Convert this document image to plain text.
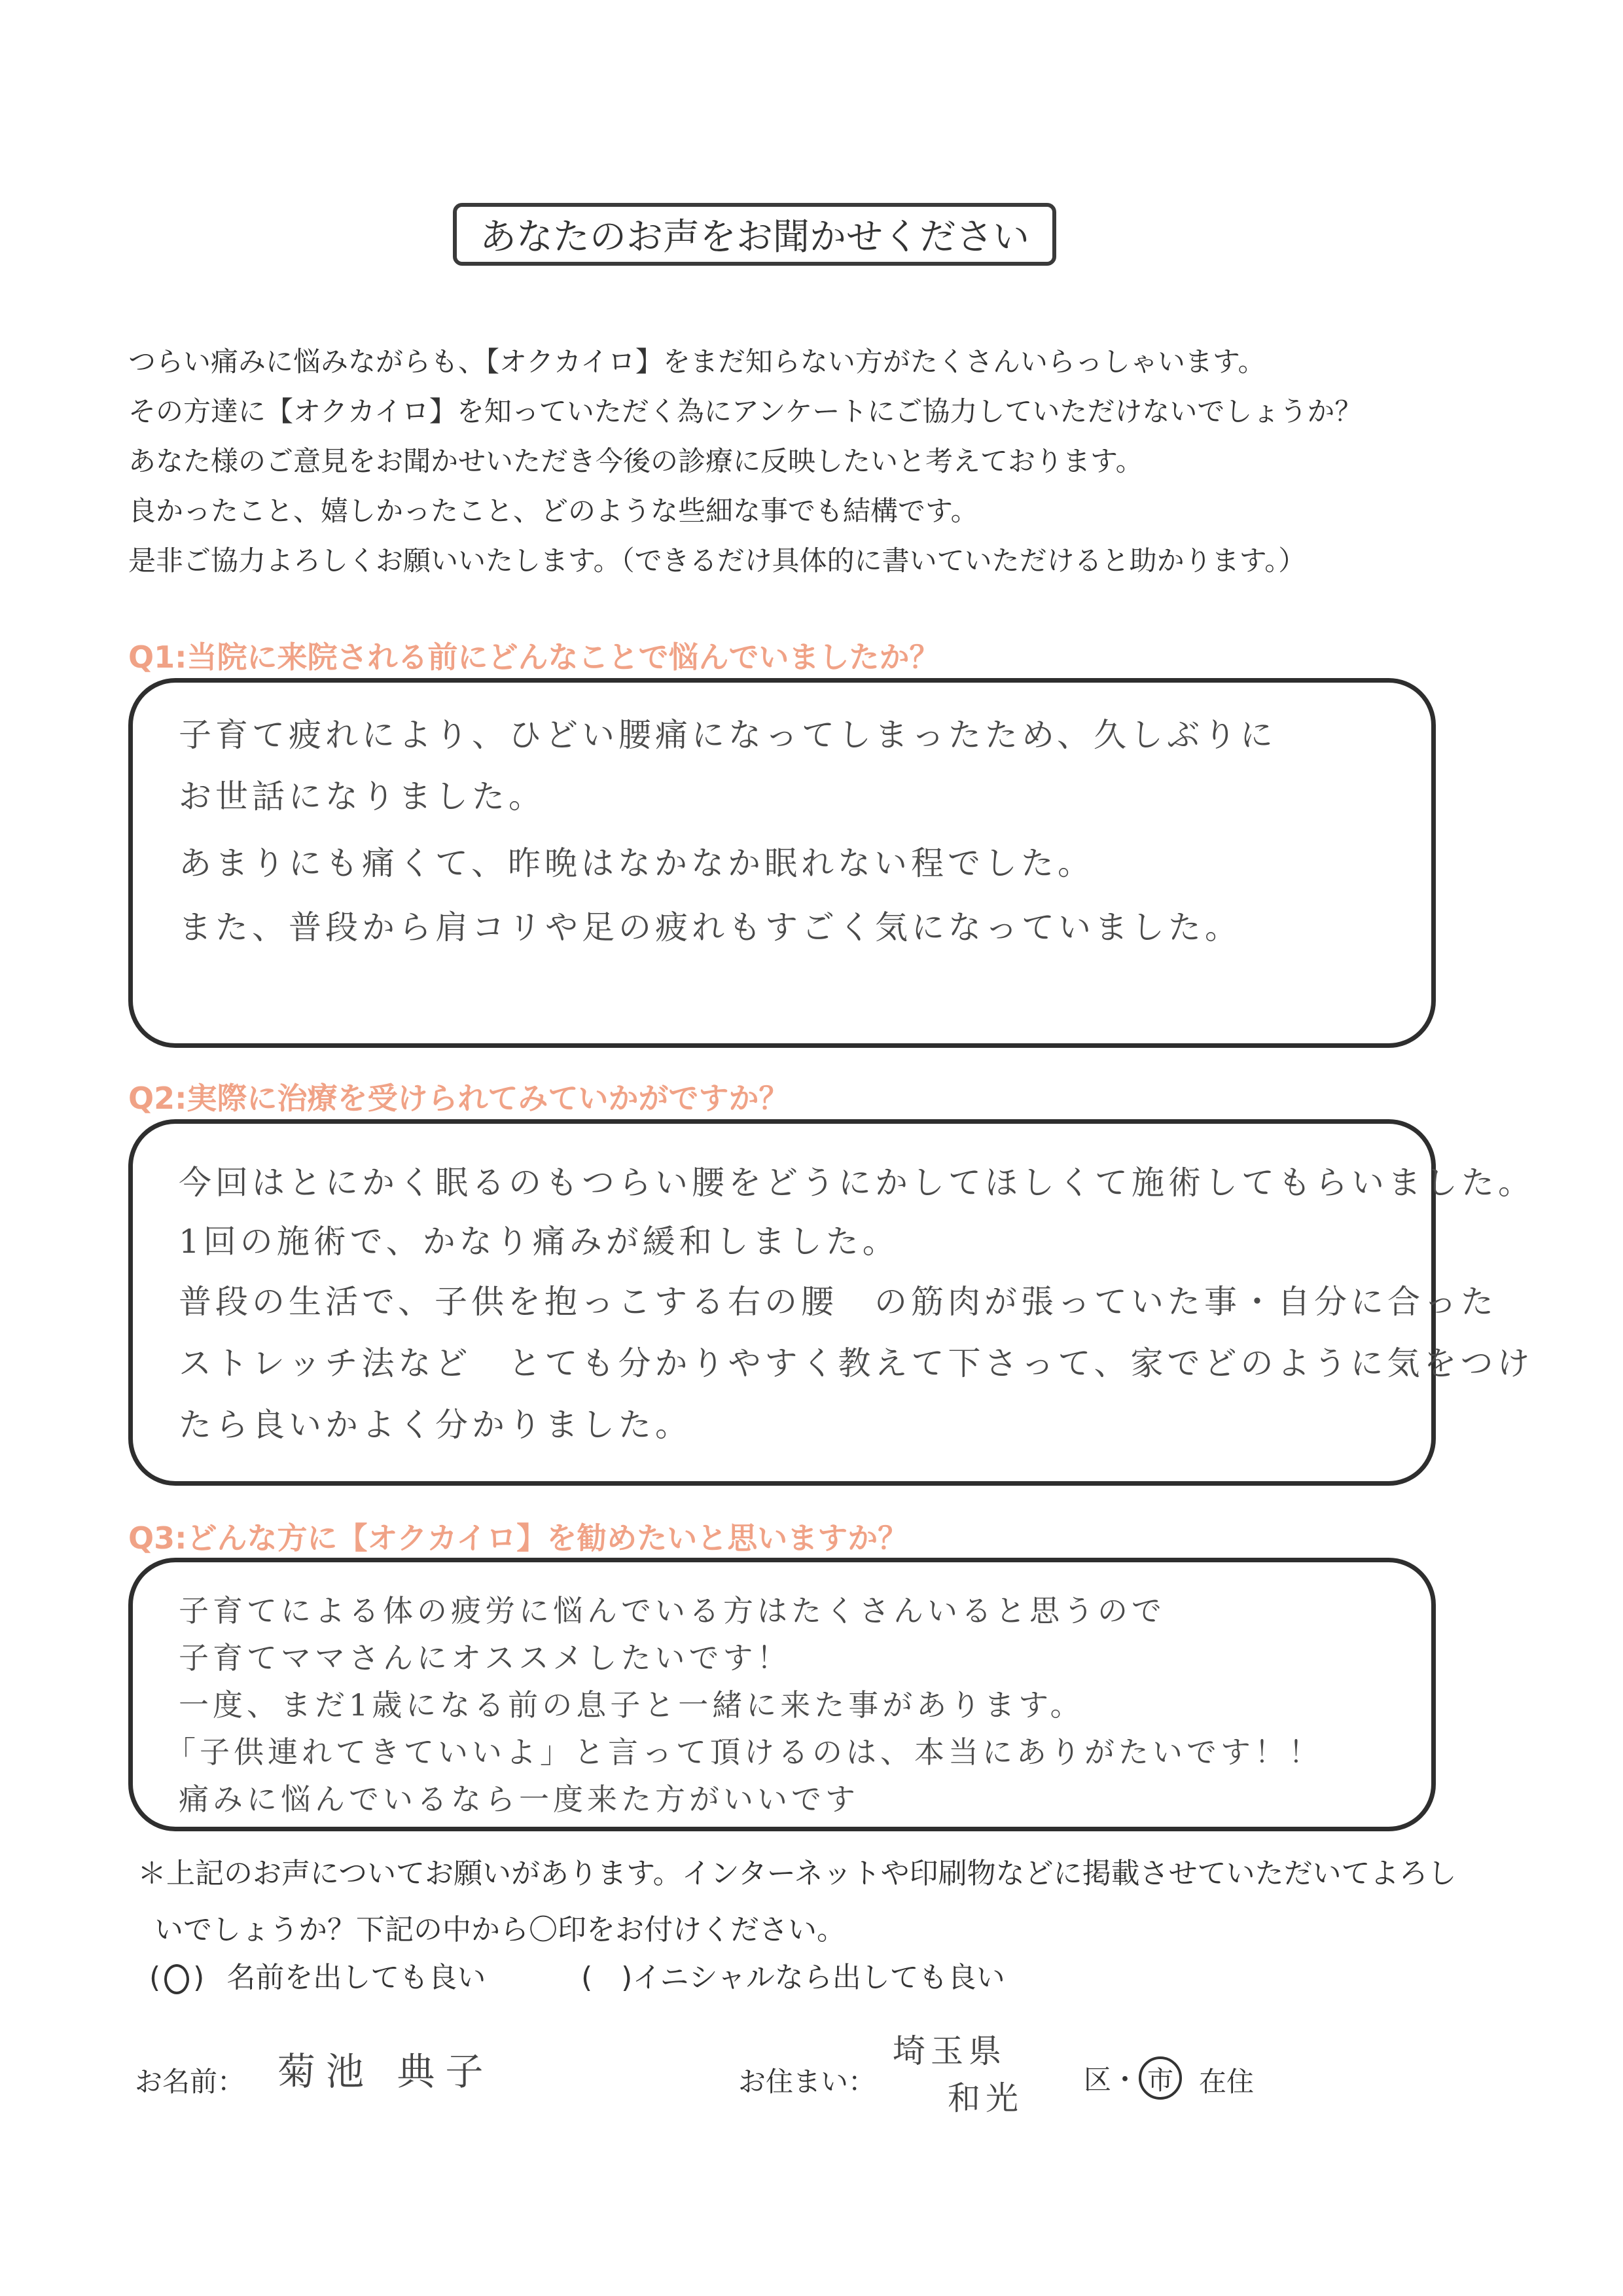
あなたのお声をお聞かせください
つらい痛みに悩みながらも、【オクカイロ】をまだ知らない方がたくさんいらっしゃいます。
その方達に【オクカイロ】を知っていただく為にアンケートにご協力していただけないでしょうか？
あなた様のご意見をお聞かせいただき今後の診療に反映したいと考えております。
良かったこと、嬉しかったこと、どのような些細な事でも結構です。
是非ご協力よろしくお願いいたします。（できるだけ具体的に書いていただけると助かります。）
Q1:当院に来院される前にどんなことで悩んでいましたか？
子育て疲れにより、ひどい腰痛になってしまったため、久しぶりに
お世話になりました。
あまりにも痛くて、昨晩はなかなか眠れない程でした。
また、普段から肩コリや足の疲れもすごく気になっていました。
Q2:実際に治療を受けられてみていかがですか？
今回はとにかく眠るのもつらい腰をどうにかしてほしくて施術してもらいました。
1回の施術で、かなり痛みが緩和しました。
普段の生活で、子供を抱っこする右の腰　の筋肉が張っていた事・自分に合った
ストレッチ法など　とても分かりやすく教えて下さって、家でどのように気をつけ
たら良いかよく分かりました。
Q3:どんな方に【オクカイロ】を勧めたいと思いますか？
子育てによる体の疲労に悩んでいる方はたくさんいると思うので
子育てママさんにオススメしたいです！
一度、まだ1歳になる前の息子と一緒に来た事があります。
「子供連れてきていいよ」と言って頂けるのは、本当にありがたいです！！
痛みに悩んでいるなら一度来た方がいいです
＊上記のお声についてお願いがあります。インターネットや印刷物などに掲載させていただいてよろし
いでしょうか？下記の中から〇印をお付けください。
( ○ ) 名前を出しても良い	(　)イニシャルなら出しても良い
お名前： 菊池 典子	お住まい：
埼玉県
和光 区・ 市 在住
